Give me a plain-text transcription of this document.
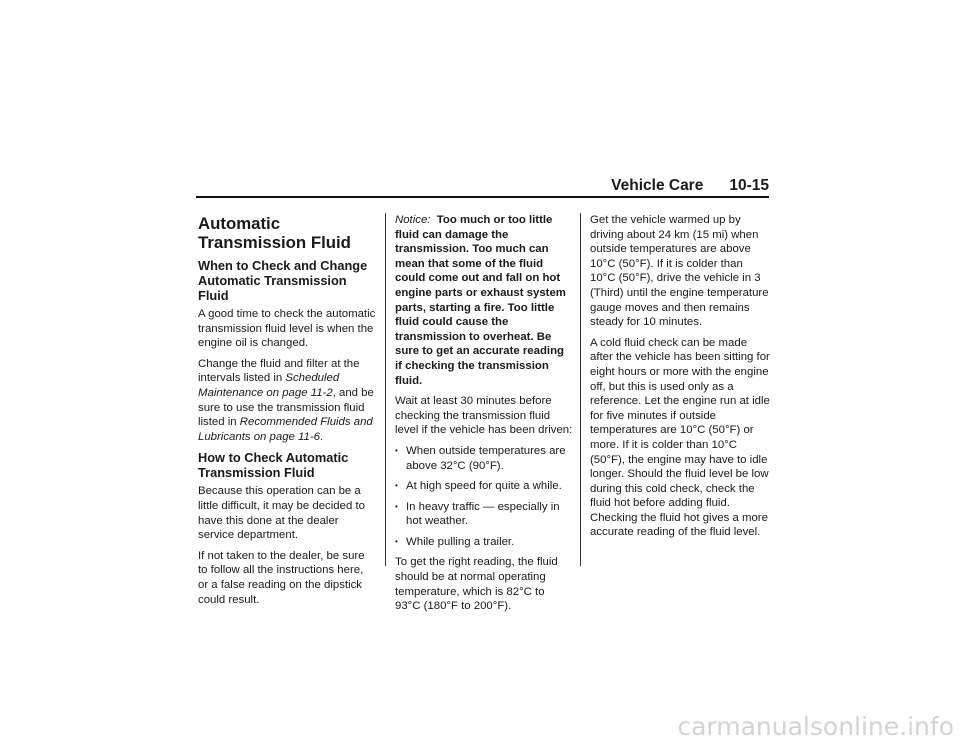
Vehicle Care 10-15
Automatic Transmission Fluid
When to Check and Change Automatic Transmission Fluid

A good time to check the automatic transmission fluid level is when the engine oil is changed.

Change the fluid and filter at the intervals listed in Scheduled Maintenance on page 11-2, and be sure to use the transmission fluid listed in Recommended Fluids and Lubricants on page 11-6.

How to Check Automatic Transmission Fluid

Because this operation can be a little difficult, it may be decided to have this done at the dealer service department.

If not taken to the dealer, be sure to follow all the instructions here, or a false reading on the dipstick could result.

Notice: Too much or too little fluid can damage the transmission. Too much can mean that some of the fluid could come out and fall on hot engine parts or exhaust system parts, starting a fire. Too little fluid could cause the transmission to overheat. Be sure to get an accurate reading if checking the transmission fluid.

Wait at least 30 minutes before checking the transmission fluid level if the vehicle has been driven:

• When outside temperatures are above 32°C (90°F).
• At high speed for quite a while.
• In heavy traffic — especially in hot weather.
• While pulling a trailer.

To get the right reading, the fluid should be at normal operating temperature, which is 82°C to 93°C (180°F to 200°F).

Get the vehicle warmed up by driving about 24 km (15 mi) when outside temperatures are above 10°C (50°F). If it is colder than 10°C (50°F), drive the vehicle in 3 (Third) until the engine temperature gauge moves and then remains steady for 10 minutes.

A cold fluid check can be made after the vehicle has been sitting for eight hours or more with the engine off, but this is used only as a reference. Let the engine run at idle for five minutes if outside temperatures are 10°C (50°F) or more. If it is colder than 10°C (50°F), the engine may have to idle longer. Should the fluid level be low during this cold check, check the fluid hot before adding fluid. Checking the fluid hot gives a more accurate reading of the fluid level.

carmanualsonline.info
